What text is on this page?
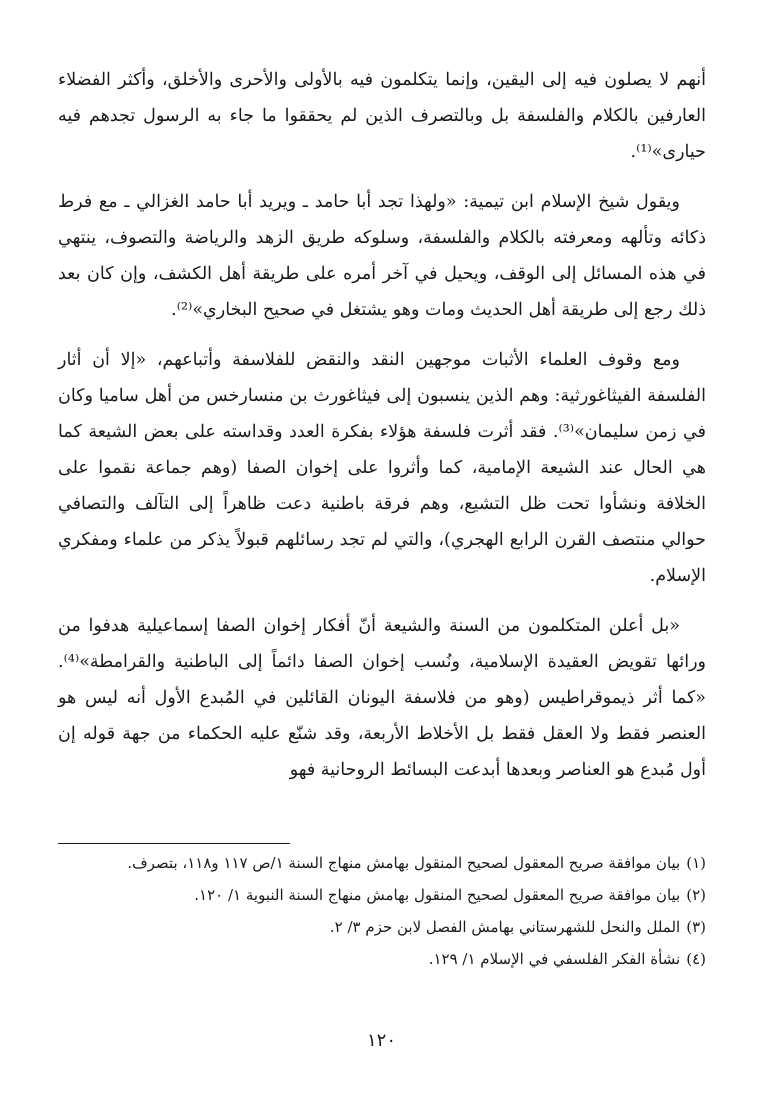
أنهم لا يصلون فيه إلى اليقين، وإنما يتكلمون فيه بالأولى والأحرى والأخلق، وأكثر الفضلاء العارفين بالكلام والفلسفة بل وبالتصرف الذين لم يحققوا ما جاء به الرسول تجدهم فيه حيارى»⁽¹⁾.

ويقول شيخ الإسلام ابن تيمية: «ولهذا تجد أبا حامد ـ ويريد أبا حامد الغزالي ـ مع فرط ذكائه وتألهه ومعرفته بالكلام والفلسفة، وسلوكه طريق الزهد والرياضة والتصوف، ينتهي في هذه المسائل إلى الوقف، ويحيل في آخر أمره على طريقة أهل الكشف، وإن كان بعد ذلك رجع إلى طريقة أهل الحديث ومات وهو يشتغل في صحيح البخاري»⁽²⁾.

ومع وقوف العلماء الأثبات موجهين النقد والنقض للفلاسفة وأتباعهم، «إلا أن أثار الفلسفة الفيثاغورثية: وهم الذين ينسبون إلى فيثاغورث بن منسارخس من أهل ساميا وكان في زمن سليمان»⁽³⁾. فقد أثرت فلسفة هؤلاء بفكرة العدد وقداسته على بعض الشيعة كما هي الحال عند الشيعة الإمامية، كما وأثروا على إخوان الصفا (وهم جماعة نقموا على الخلافة ونشأوا تحت ظل التشيع، وهم فرقة باطنية دعت ظاهراً إلى التآلف والتصافي حوالي منتصف القرن الرابع الهجري)، والتي لم تجد رسائلهم قبولاً يذكر من علماء ومفكري الإسلام.

«بل أعلن المتكلمون من السنة والشيعة أنّ أفكار إخوان الصفا إسماعيلية هدفوا من ورائها تقويض العقيدة الإسلامية، ونُسب إخوان الصفا دائماً إلى الباطنية والقرامطة»⁽⁴⁾. «كما أثر ذيموقراطيس (وهو من فلاسفة اليونان القائلين في المُبدع الأول أنه ليس هو العنصر فقط ولا العقل فقط بل الأخلاط الأربعة، وقد شنّع عليه الحكماء من جهة قوله إن أول مُبدع هو العناصر وبعدها أبدعت البسائط الروحانية فهو

(١)
بيان موافقة صريح المعقول لصحيح المنقول بهامش منهاج السنة ١/ص ١١٧ و١١٨، بتصرف.
(٢)
بيان موافقة صريح المعقول لصحيح المنقول بهامش منهاج السنة النبوية ١/ ١٢٠.
(٣)
الملل والنحل للشهرستاني بهامش الفصل لابن حزم ٣/ ٢.
(٤)
نشأة الفكر الفلسفي في الإسلام ١/ ١٢٩.
١٢٠
